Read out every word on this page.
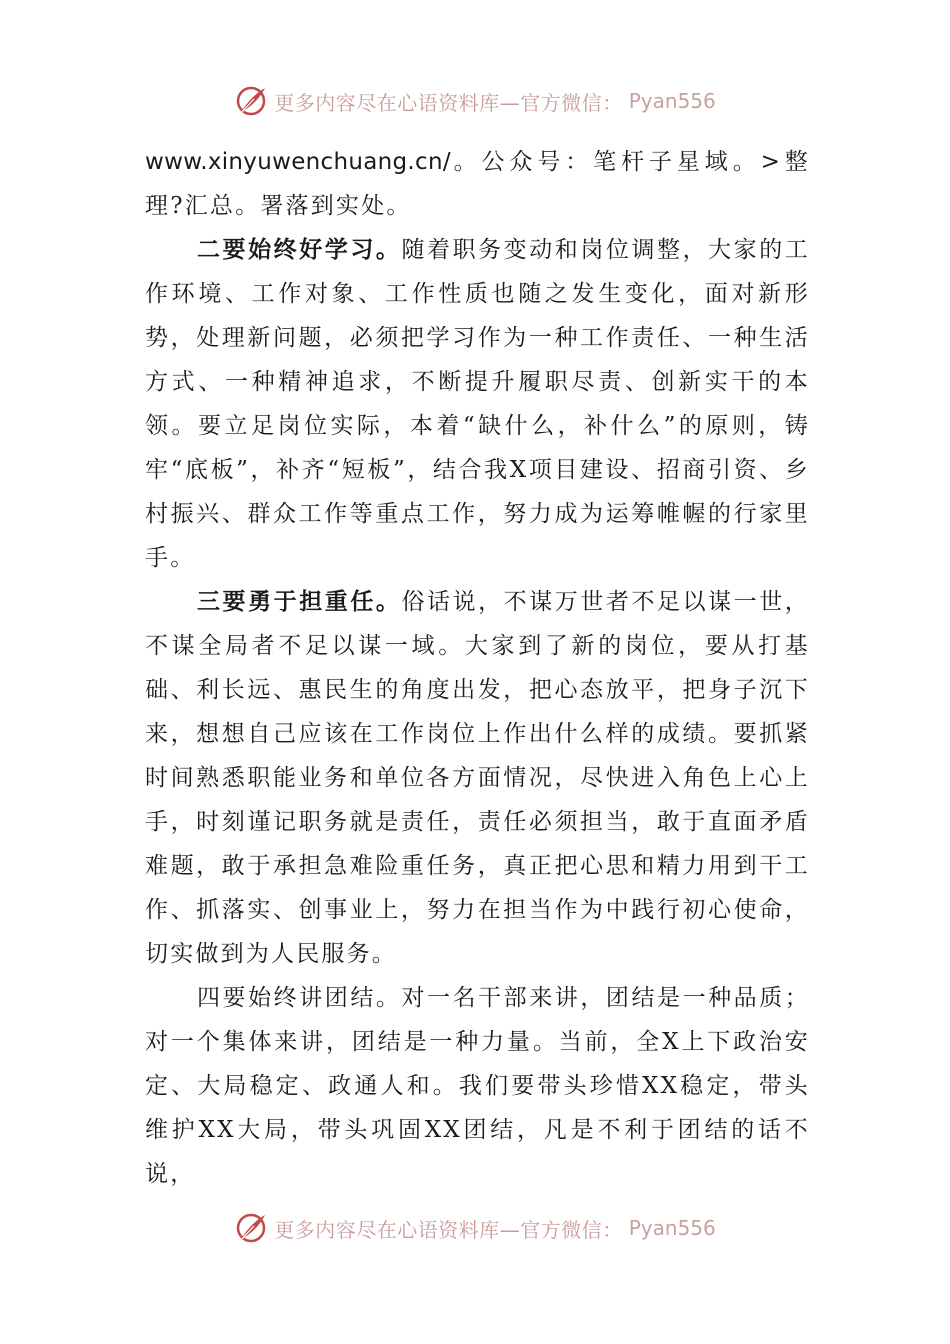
更多内容尽在心语资料库—官方微信： Pyan556

www.xinyuwenchuang.cn/。公众号：笔杆子星域。>整理?汇总。署落到实处。

二要始终好学习。随着职务变动和岗位调整，大家的工作环境、工作对象、工作性质也随之发生变化，面对新形势，处理新问题，必须把学习作为一种工作责任、一种生活方式、一种精神追求，不断提升履职尽责、创新实干的本领。要立足岗位实际，本着“缺什么，补什么”的原则，铸牢“底板”，补齐“短板”，结合我X项目建设、招商引资、乡村振兴、群众工作等重点工作，努力成为运筹帷幄的行家里手。

三要勇于担重任。俗话说，不谋万世者不足以谋一世，不谋全局者不足以谋一域。大家到了新的岗位，要从打基础、利长远、惠民生的角度出发，把心态放平，把身子沉下来，想想自己应该在工作岗位上作出什么样的成绩。要抓紧时间熟悉职能业务和单位各方面情况，尽快进入角色上心上手，时刻谨记职务就是责任，责任必须担当，敢于直面矛盾难题，敢于承担急难险重任务，真正把心思和精力用到干工作、抓落实、创事业上，努力在担当作为中践行初心使命，切实做到为人民服务。

四要始终讲团结。对一名干部来讲，团结是一种品质；对一个集体来讲，团结是一种力量。当前，全X上下政治安定、大局稳定、政通人和。我们要带头珍惜XX稳定，带头维护XX大局，带头巩固XX团结，凡是不利于团结的话不说，

更多内容尽在心语资料库—官方微信： Pyan556
